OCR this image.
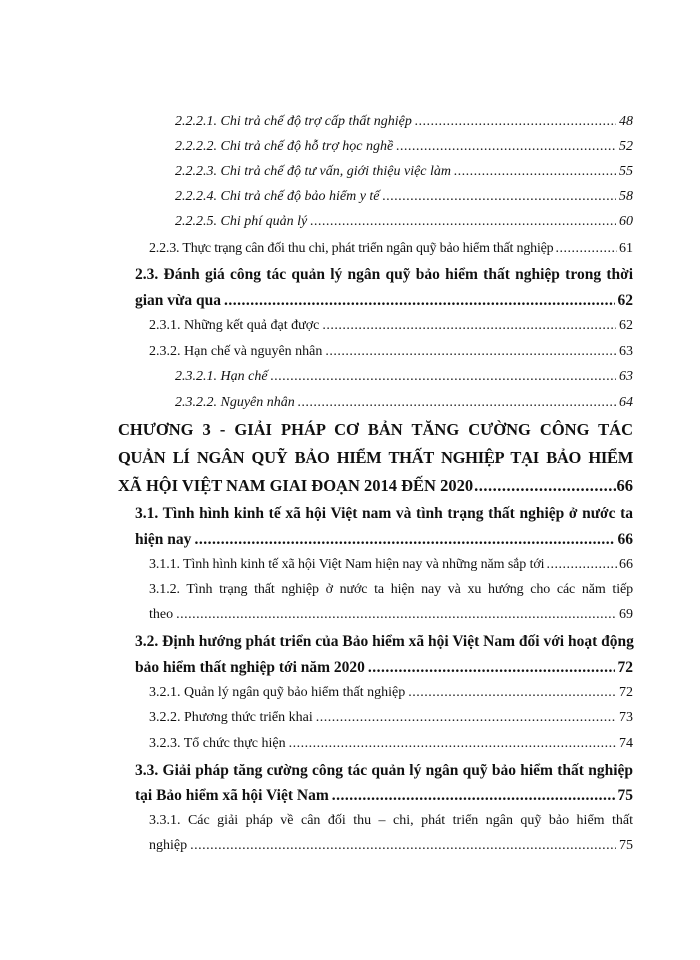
2.2.2.1. Chi trả chế độ trợ cấp thất nghiệp .....	48
2.2.2.2. Chi trả chế độ hỗ trợ học nghề .....	52
2.2.2.3. Chi trả chế độ tư vấn, giới thiệu việc làm .....	55
2.2.2.4. Chi trả chế độ bảo hiểm y tế .....	58
2.2.2.5. Chi phí quản lý .....	60
2.2.3. Thực trạng cân đối thu chi, phát triển ngân quỹ bảo hiểm thất nghiệp .....	61
2.3. Đánh giá công tác quản lý ngân quỹ bảo hiểm thất nghiệp trong thời
gian vừa qua .....	62
2.3.1. Những kết quả đạt được .....	62
2.3.2. Hạn chế và nguyên nhân .....	63
2.3.2.1. Hạn chế .....	63
2.3.2.2. Nguyên nhân .....	64
CHƯƠNG 3 - GIẢI PHÁP CƠ BẢN TĂNG CƯỜNG CÔNG TÁC
QUẢN LÍ NGÂN QUỸ BẢO HIỂM THẤT NGHIỆP TẠI BẢO HIỂM
XÃ HỘI VIỆT NAM GIAI ĐOẠN 2014 ĐẾN 2020 .....	66
3.1. Tình hình kinh tế xã hội Việt nam và tình trạng thất nghiệp ở nước ta
hiện nay .....	66
3.1.1. Tình hình kinh tế xã hội Việt Nam hiện nay và những năm sắp tới .....	66
3.1.2. Tình trạng thất nghiệp ở nước ta hiện nay và xu hướng cho các năm tiếp
theo .....	69
3.2. Định hướng phát triển của Bảo hiểm xã hội Việt Nam đối với hoạt động
bảo hiểm thất nghiệp tới năm 2020 .....	72
3.2.1. Quản lý ngân quỹ bảo hiểm thất nghiệp .....	72
3.2.2. Phương thức triển khai .....	73
3.2.3. Tổ chức thực hiện .....	74
3.3. Giải pháp tăng cường công tác quản lý ngân quỹ bảo hiểm thất nghiệp
tại Bảo hiểm xã hội Việt Nam .....	75
3.3.1. Các giải pháp về cân đối thu – chi, phát triển ngân quỹ bảo hiểm thất
nghiệp .....	75
